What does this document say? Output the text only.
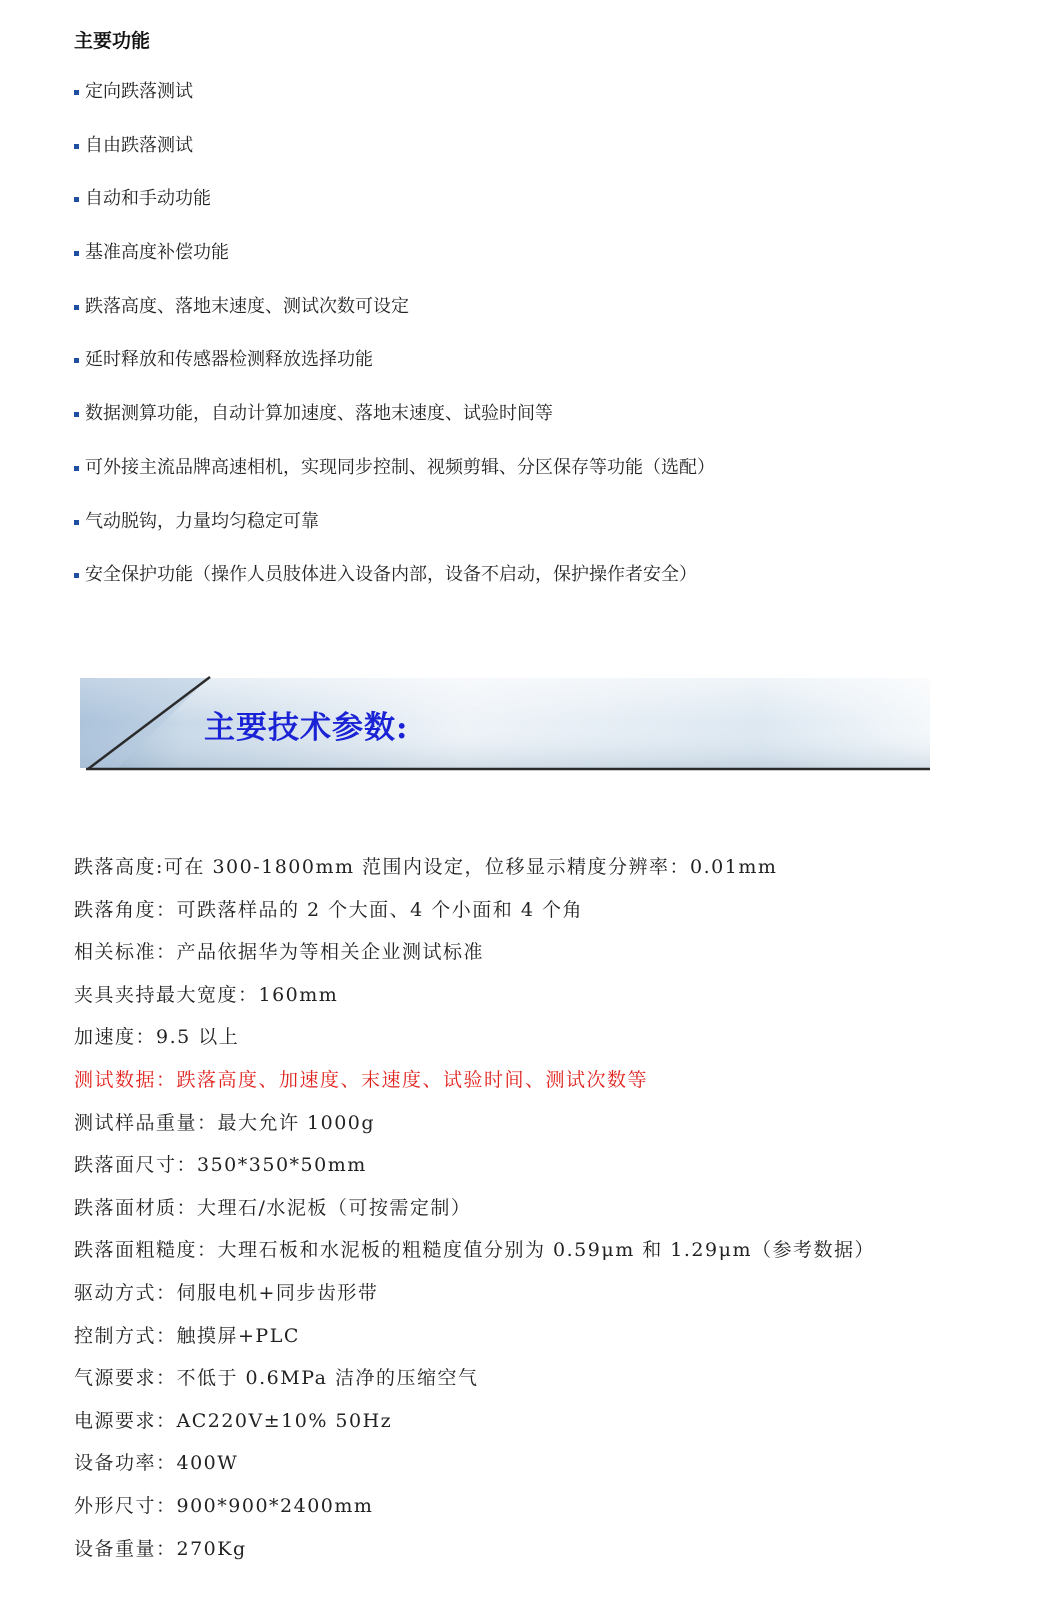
主要功能
定向跌落测试
自由跌落测试
自动和手动功能
基准高度补偿功能
跌落高度、落地末速度、测试次数可设定
延时释放和传感器检测释放选择功能
数据测算功能，自动计算加速度、落地末速度、试验时间等
可外接主流品牌高速相机，实现同步控制、视频剪辑、分区保存等功能（选配）
气动脱钩，力量均匀稳定可靠
安全保护功能（操作人员肢体进入设备内部，设备不启动，保护操作者安全）
主要技术参数:
跌落高度:可在 300-1800mm 范围内设定，位移显示精度分辨率：0.01mm
跌落角度：可跌落样品的 2 个大面、4 个小面和 4 个角
相关标准：产品依据华为等相关企业测试标准
夹具夹持最大宽度：160mm
加速度：9.5 以上
测试数据：跌落高度、加速度、末速度、试验时间、测试次数等
测试样品重量：最大允许 1000g
跌落面尺寸：350*350*50mm
跌落面材质：大理石/水泥板（可按需定制）
跌落面粗糙度：大理石板和水泥板的粗糙度值分别为 0.59μm 和 1.29μm（参考数据）
驱动方式：伺服电机+同步齿形带
控制方式：触摸屏+PLC
气源要求：不低于 0.6MPa 洁净的压缩空气
电源要求：AC220V±10% 50Hz
设备功率：400W
外形尺寸：900*900*2400mm
设备重量：270Kg
